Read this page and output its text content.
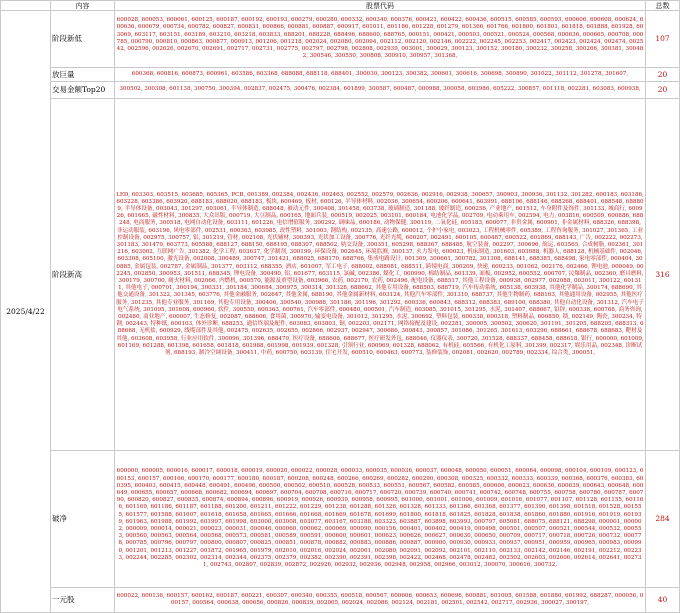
	内容	股票代码	总数
2025/4/22	阶段新低	600028, 600053, 600061, 600125, 600187, 600192, 600193, 600279, 600280, 600332, 600340, 600376, 600421, 600422, 600436, 600515, 600585, 600593, 600606, 600608, 600624, 600636, 600679, 600734, 600782, 600827, 600831, 600866, 600881, 600887, 600917, 601011, 601186, 601228, 601279, 601366, 601766, 601800, 601801, 601818, 601888, 601928, 603069, 603117, 603151, 603189, 603210, 603218, 603833, 688201, 688228, 688496, 688600, 688765, 000151, 000421, 000503, 000521, 000524, 000568, 000636, 000665, 000708, 000785, 000790, 000810, 000863, 000877, 000913, 001206, 001218, 002024, 002080, 002094, 002112, 002120, 002146, 002222, 002245, 002253, 002417, 002423, 002424, 002474, 002542, 002596, 002626, 002670, 002691, 002717, 002731, 002775, 002797, 002798, 002808, 002939, 003001, 300029, 300123, 300152, 300180, 300232, 300258, 300266, 300381, 300482, 300546, 300550, 300808, 300910, 300957, 301368,	107
	放巨量	600368, 600816, 600873, 600961, 603586, 603368, 688088, 688118, 688401, 300030, 300123, 300382, 300601, 300616, 300698, 300890, 301022, 301112, 301278, 301607,	20
	交易金额Top20	300502, 300308, 601138, 300750, 300394, 002837, 002475, 300476, 002384, 601899, 300587, 600487, 000988, 300058, 603986, 605222, 300857, 601118, 002281, 603083, 600938,	20
	阶段新高	LED, 603303, 603515, 603685, 605365, PCB, 001389, 002384, 002436, 002463, 002552, 002579, 002636, 002916, 002938, 300657, 300903, 300936, 301132, 301282, 600183, 603186, 603228, 603386, 603920, 688183, 688020, 688183, 板块, 600469, 板材, 600126, 半导体材料, 002036, 300654, 600206, 600641, 603991, 688106, 688146, 688268, 688401, 688548, 688809, 半导体设备, 003043, 301297, 603061, 半导体制造, 688048, 被动元件, 300408, 301458, 603738, 玻璃制造, 301188, 玻纤制造, 600256, 产业地产, 601512, 车身附件及饰件, 301133, 城商行, 600926, 601665, 磁性材料, 300835, 大众出版, 000719, 大豆制品, 600165, 地面兵装, 000519, 002025, 003101, 600184, 电池化学品, 002709, 电动乘用车, 002594, 电力, 003816, 600509, 600886, 688248, 电商服务, 300518, 电网自动化设备, 603111, 601226, 电信增值服务, 300292, 调味品, 600186, 动物保健, 300119, 二氧化硅, 605183, 600077, 非贵金属, 600901, 非金属材料, 688326, 688398, 非运动服装, 603196, 风电零部件, 002531, 600363, 603985, 改性塑料, 301003, 钢结构, 002135, 高速公路, 600012, 个护小家电, 003023, 工程机械零件, 605389, 工程咨询服务, 301027, 301365, 工业控制设备, 002975, 300757, 铝, 301219, 管材, 002108, 光伏辅材, 300393, 光伏加工设备, 300776, 光纤光缆, 600207, 002491, 600105, 600487, 600522, 601869, 688143, 广告, 002222, 002273, 301183, 301479, 603773, 605588, 688127, 688150, 688195, 688307, 688502, 轨交设备, 300351, 605298, 688367, 688485, 航空装备, 002297, 300696, 航运, 603565, 合成树脂, 002361, 301216, 603002, 互联网广告, 301382, 化学工程, 603637, 化学制剂, 300199, 环保设备, 002645, 环境监测, 300137, 火力发电, 600023, 机床制造, 301603, 603088, 机器人, 688128, 机械基础件, 002046, 603308, 605100, 激光设备, 002008, 300489, 300747, 301421, 688025, 688170, 688766, 集成电路设计, 001309, 300661, 300782, 301308, 688141, 688385, 688498, 家电零部件, 000404, 300885, 金属包装, 002787, 金属制品, 301377, 603112, 688355, 酒店, 601007, 军工电子, 688002, 688081, 688511, 跨境电商, 300209, 快递, 600233, 001062, 002176, 002466, 锂电池, 000049, 002245, 002850, 300953, 301511, 688345, 锂电设备, 300490, 铝, 601677, 603115, 氯碱, 002386, 煤化工, 000990, 棉纺制品, 601339, 面板, 002952, 600552, 600707, 民爆制品, 002360, 磨具磨料, 300179, 300700, 耐火材料, 002066, 内燃机, 000570, 能源及重型设备, 603966, 农药, 002170, 农药, 002496, 配电设备, 688517, 其他工程设备, 000938, 002977, 002088, 003011, 300122, 601311, 其他电子, 000701, 300194, 300331, 301184, 300684, 300975, 300314, 301328, 688662, 其他专用设备, 688503, 688719, 汽车传动系统, 605138, 603938, 其他化学制品, 300174, 688690, 其他交通设备, 301322, 301345, 603776, 其他金融服务, 002647, 其他金属, 688190, 其他金属新材料, 603124, 其他汽车零部件, 301310, 688737, 其他生物制药, 688163, 其他通用设备, 002955, 其他医疗服务, 301235, 其他专业服务, 301169, 其他专用设备, 300406, 300540, 300988, 301186, 301196, 301292, 600336, 600843, 688312, 688383, 689100, 688380, 其他自动化设备, 301312, 汽车电子电气系统, 301095, 301608, 600960, 软件, 300550, 600363, 600761, 汽车零部件, 600480, 600501, 汽车制造, 603085, 301015, 301295, 水泥, 301407, 688667, 铅锌, 600338, 600768, 商务咨询, 002480, 商业地产, 600007, 生态修复, 002087, 688606, 食用菌, 300970, 输变电设备, 301012, 301295, 水泥, 300692, 塑料包装, 600338, 600318, 塑料制品, 600850, 锁, 002149, 陶瓷, 300234, 特钢, 002443, 特种纸, 600103, 体外诊断, 688253, 通信终端及配件, 603083, 603803, 铜, 002203, 002171, 网络接配及建设, 002281, 300005, 300502, 300620, 301191, 301205, 688205, 688313, 688668, 无机盐, 600929, 线缆部件及其他, 002475, 002635, 002655, 002866, 002937, 002947, 300686, 300843, 300857, 301086, 301265, 301613, 603296, 688661, 688678, 688683, 靶材及其他, 603608, 603958, 行业应用软件, 300096, 301396, 688479, 医疗设备, 688606, 688677, 医疗研发外包, 688046, 仪器仪表, 300720, 301528, 688337, 688458, 688618, 银行, 600000, 601009, 601169, 601288, 601398, 601658, 601818, 601988, 601998, 601939, 601328, 引领行业, 600969, 601328, 688062, 有机硅, 605566, 有机化工原料, 301399, 002317, 娱乐用品, 002348, 诊断试剂, 688193, 制冷空调设备, 300411, 中药, 600750, 603139, 住宅开发, 600510, 600463, 600773, 装修装饰, 002081, 002620, 002789, 002334, 综合类, 300051,	316
	破净	600000, 600005, 600016, 600017, 600018, 600019, 600020, 600022, 600028, 600033, 600035, 600036, 600037, 600048, 600050, 600051, 600064, 600098, 600104, 600109, 600123, 600153, 600157, 600166, 600170, 600177, 600180, 600187, 600208, 600248, 600266, 600269, 600282, 600290, 600308, 600325, 600332, 600333, 600339, 600368, 600376, 600383, 600395, 600403, 600415, 600448, 600491, 600496, 600500, 600502, 600510, 600528, 600533, 600551, 600567, 600582, 600585, 600606, 600623, 600636, 600639, 600643, 600648, 600649, 600655, 600657, 600668, 600682, 600694, 600697, 600704, 600708, 600716, 600717, 600720, 600739, 600740, 600741, 600742, 600748, 600755, 600758, 600780, 600787, 600790, 600820, 600827, 600835, 600874, 600894, 600896, 600919, 600926, 600939, 600958, 600995, 601000, 601001, 601006, 601009, 601016, 601077, 601107, 601128, 601155, 601166, 601169, 601186, 601187, 601188, 601200, 601211, 601222, 601229, 601238, 601288, 601326, 601328, 601333, 601366, 601368, 601377, 601390, 601398, 601518, 601528, 601555, 601577, 601588, 601607, 601618, 601658, 601665, 601666, 601668, 601669, 601678, 601699, 601800, 601818, 601825, 601828, 601838, 601860, 601880, 601916, 601919, 601939, 601963, 601988, 601992, 601997, 601998, 603000, 603008, 603077, 603167, 603188, 603323, 603887, 603898, 603993, 000797, 605081, 688075, 688121, 688298, 000001, 000002, 000009, 000014, 000021, 000023, 000031, 000046, 000060, 000062, 000069, 000090, 000156, 000401, 000402, 000419, 000498, 000501, 000507, 000521, 000544, 000532, 000553, 000560, 000563, 000564, 000568, 000573, 000581, 000589, 000591, 000600, 000601, 000623, 000626, 000627, 000630, 000650, 000709, 000717, 000718, 000726, 000732, 000778, 000785, 000796, 000797, 000800, 000807, 000825, 000851, 000878, 000882, 000883, 000886, 000887, 000900, 000930, 000933, 000937, 000951, 000959, 000965, 000983, 000990, 001201, 001213, 001227, 001872, 001965, 001979, 002010, 002016, 002024, 002061, 002080, 002091, 002092, 002101, 002110, 002133, 002142, 002146, 002191, 002212, 002233, 002244, 002285, 002302, 002314, 002344, 002375, 002379, 002382, 002390, 002391, 002398, 002422, 002468, 002478, 002482, 002502, 002603, 002606, 002614, 002641, 002731, 002743, 002807, 002839, 002872, 002926, 002932, 002936, 002948, 002958, 002966, 003012, 300070, 300616, 300732,	284
	一元股	600022, 600136, 600157, 600162, 600187, 600221, 600307, 600340, 600355, 600518, 600567, 600606, 600653, 600696, 600881, 601005, 601588, 601880, 601992, 688287, 000056, 000157, 000564, 000638, 000656, 000826, 000839, 002005, 002024, 002086, 002124, 002181, 002501, 002542, 002717, 002936, 300027, 300197,	40
